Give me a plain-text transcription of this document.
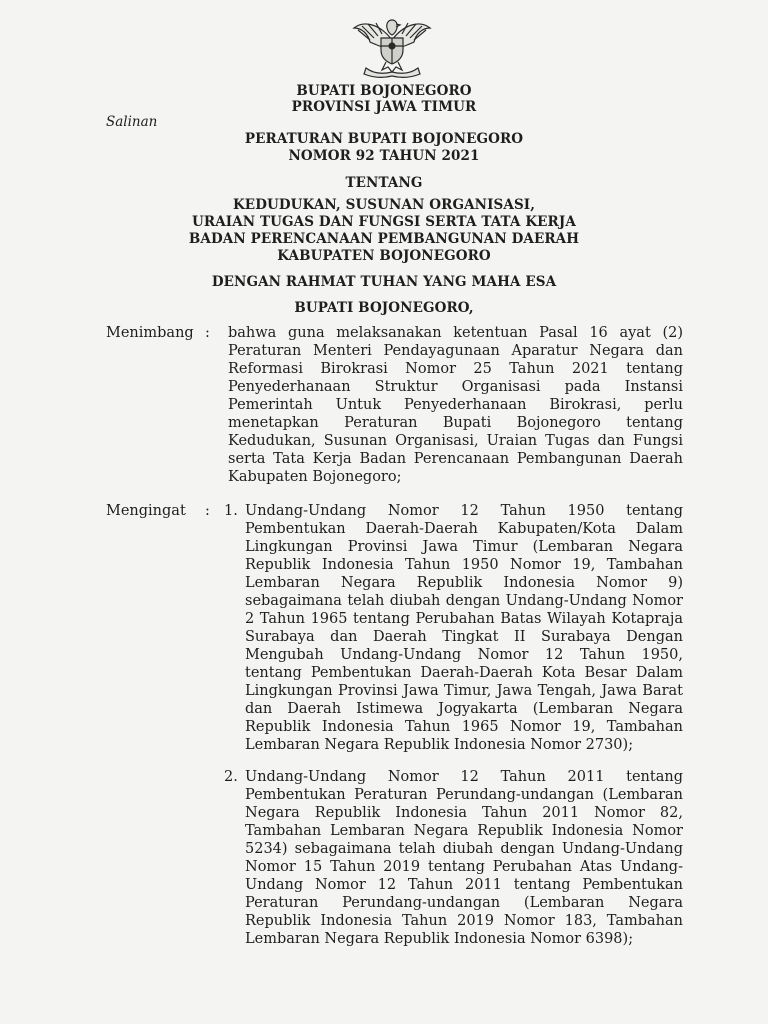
BUPATI BOJONEGORO
PROVINSI JAWA TIMUR
Salinan
PERATURAN BUPATI BOJONEGORO
NOMOR 92 TAHUN 2021
TENTANG
KEDUDUKAN, SUSUNAN ORGANISASI,
URAIAN TUGAS DAN FUNGSI SERTA TATA KERJA
BADAN PERENCANAAN PEMBANGUNAN DAERAH
KABUPATEN BOJONEGORO
DENGAN RAHMAT TUHAN YANG MAHA ESA
BUPATI BOJONEGORO,
Menimbang : bahwa guna melaksanakan ketentuan Pasal 16 ayat (2) Peraturan Menteri Pendayagunaan Aparatur Negara dan Reformasi Birokrasi Nomor 25 Tahun 2021 tentang Penyederhanaan Struktur Organisasi pada Instansi Pemerintah Untuk Penyederhanaan Birokrasi, perlu menetapkan Peraturan Bupati Bojonegoro tentang Kedudukan, Susunan Organisasi, Uraian Tugas dan Fungsi serta Tata Kerja Badan Perencanaan Pembangunan Daerah Kabupaten Bojonegoro;
Mengingat : 1. Undang-Undang Nomor 12 Tahun 1950 tentang Pembentukan Daerah-Daerah Kabupaten/Kota Dalam Lingkungan Provinsi Jawa Timur (Lembaran Negara Republik Indonesia Tahun 1950 Nomor 19, Tambahan Lembaran Negara Republik Indonesia Nomor 9) sebagaimana telah diubah dengan Undang-Undang Nomor 2 Tahun 1965 tentang Perubahan Batas Wilayah Kotapraja Surabaya dan Daerah Tingkat II Surabaya Dengan Mengubah Undang-Undang Nomor 12 Tahun 1950, tentang Pembentukan Daerah-Daerah Kota Besar Dalam Lingkungan Provinsi Jawa Timur, Jawa Tengah, Jawa Barat dan Daerah Istimewa Jogyakarta (Lembaran Negara Republik Indonesia Tahun 1965 Nomor 19, Tambahan Lembaran Negara Republik Indonesia Nomor 2730);
2. Undang-Undang Nomor 12 Tahun 2011 tentang Pembentukan Peraturan Perundang-undangan (Lembaran Negara Republik Indonesia Tahun 2011 Nomor 82, Tambahan Lembaran Negara Republik Indonesia Nomor 5234) sebagaimana telah diubah dengan Undang-Undang Nomor 15 Tahun 2019 tentang Perubahan Atas Undang-Undang Nomor 12 Tahun 2011 tentang Pembentukan Peraturan Perundang-undangan (Lembaran Negara Republik Indonesia Tahun 2019 Nomor 183, Tambahan Lembaran Negara Republik Indonesia Nomor 6398);
